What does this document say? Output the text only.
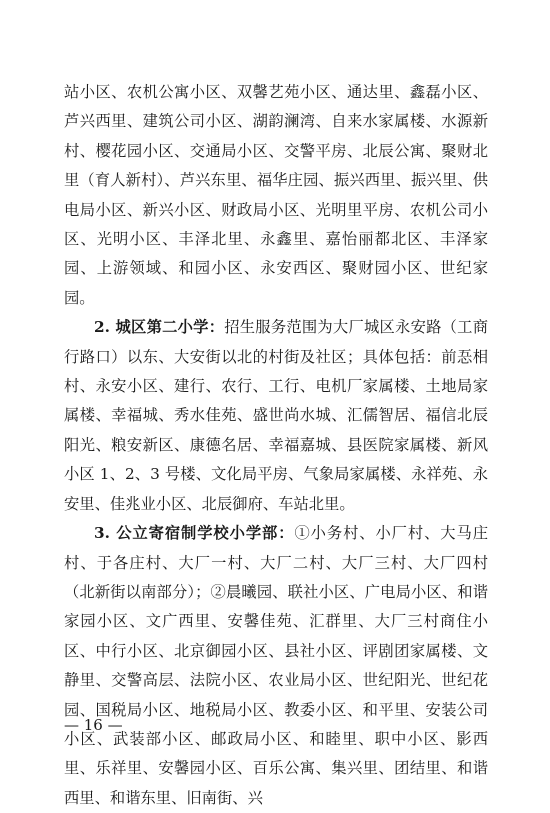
站小区、农机公寓小区、双馨艺苑小区、通达里、鑫磊小区、芦兴西里、建筑公司小区、湖韵澜湾、自来水家属楼、水源新村、樱花园小区、交通局小区、交警平房、北辰公寓、聚财北里（育人新村）、芦兴东里、福华庄园、振兴西里、振兴里、供电局小区、新兴小区、财政局小区、光明里平房、农机公司小区、光明小区、丰泽北里、永鑫里、嘉怡丽都北区、丰泽家园、上游领域、和园小区、永安西区、聚财园小区、世纪家园。

2. 城区第二小学：招生服务范围为大厂城区永安路（工商行路口）以东、大安街以北的村街及社区；具体包括：前忢相村、永安小区、建行、农行、工行、电机厂家属楼、土地局家属楼、幸福城、秀水佳苑、盛世尚水城、汇儒智居、福信北辰阳光、粮安新区、康德名居、幸福嘉城、县医院家属楼、新风小区 1、2、3 号楼、文化局平房、气象局家属楼、永祥苑、永安里、佳兆业小区、北辰御府、车站北里。

3. 公立寄宿制学校小学部：①小务村、小厂村、大马庄村、于各庄村、大厂一村、大厂二村、大厂三村、大厂四村（北新街以南部分）；②晨曦园、联社小区、广电局小区、和谐家园小区、文广西里、安馨佳苑、汇群里、大厂三村商住小区、中行小区、北京御园小区、县社小区、评剧团家属楼、文静里、交警高层、法院小区、农业局小区、世纪阳光、世纪花园、国税局小区、地税局小区、教委小区、和平里、安装公司小区、武装部小区、邮政局小区、和睦里、职中小区、影西里、乐祥里、安馨园小区、百乐公寓、集兴里、团结里、和谐西里、和谐东里、旧南街、兴

— 16 —
